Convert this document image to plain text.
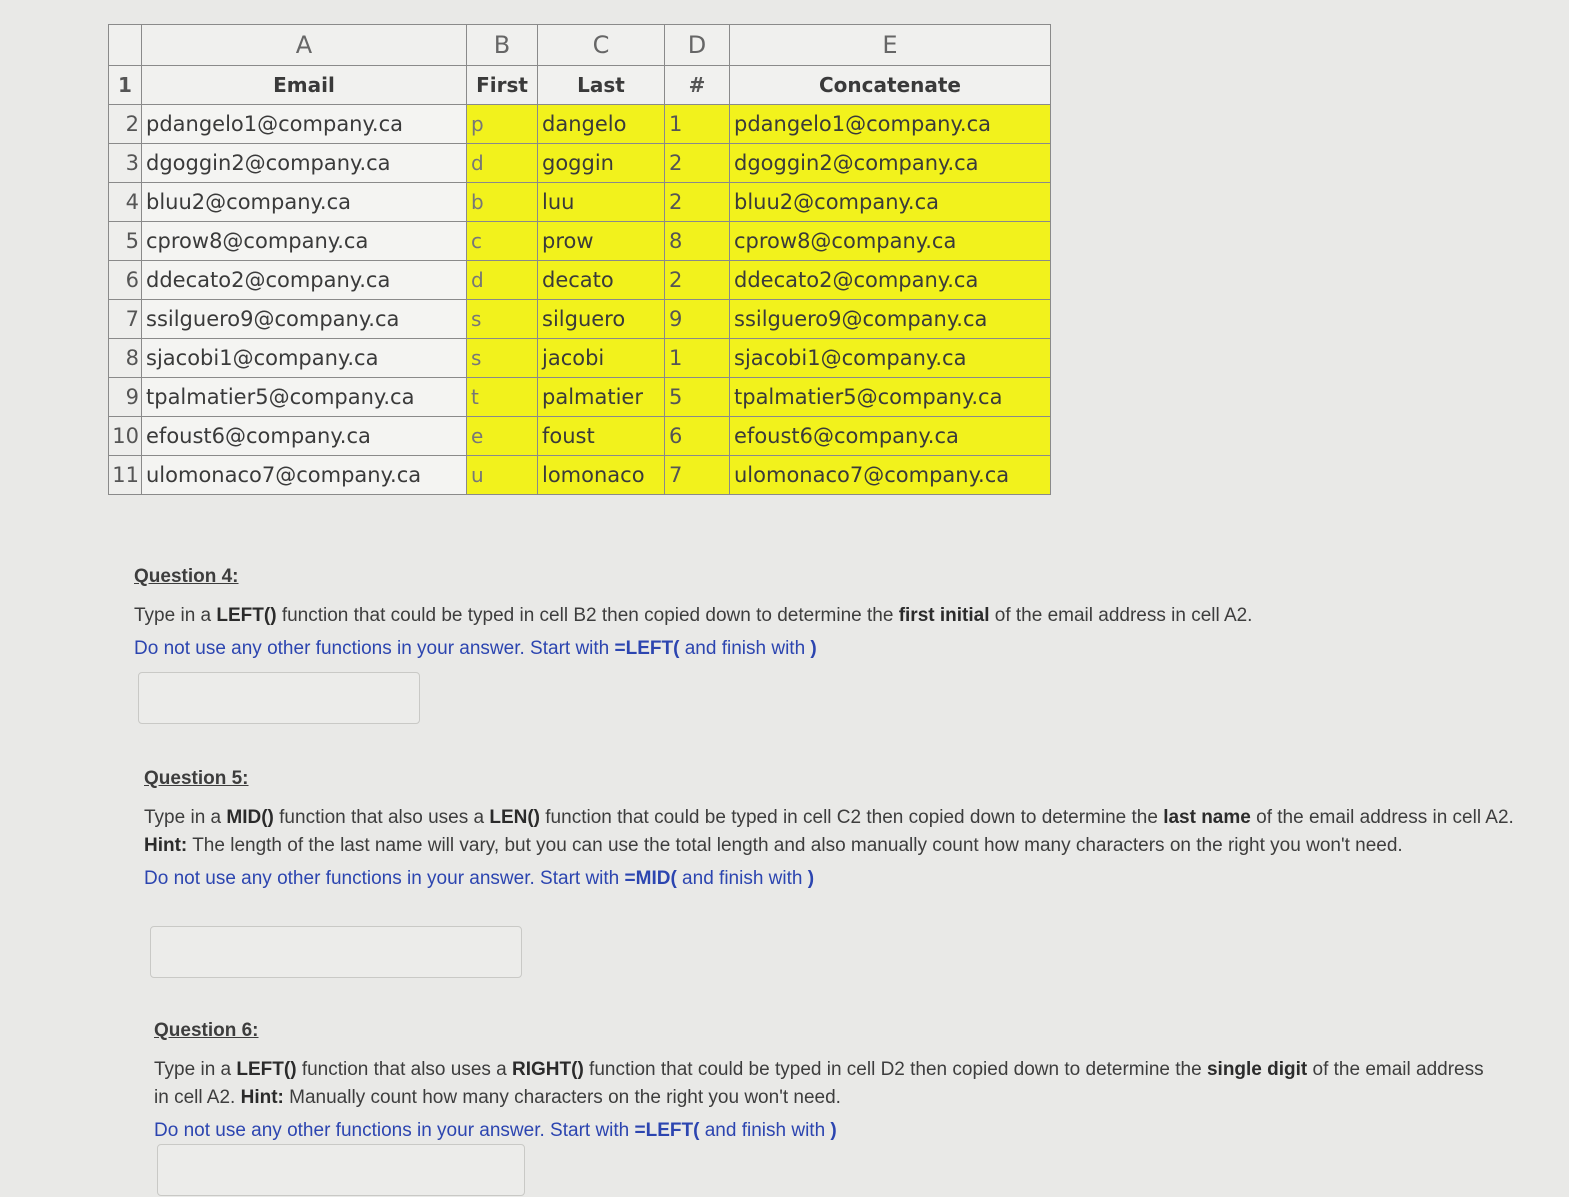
	A	B	C	D	E
1	Email	First	Last	#	Concatenate
2	pdangelo1@company.ca	p	dangelo	1	pdangelo1@company.ca
3	dgoggin2@company.ca	d	goggin	2	dgoggin2@company.ca
4	bluu2@company.ca	b	luu	2	bluu2@company.ca
5	cprow8@company.ca	c	prow	8	cprow8@company.ca
6	ddecato2@company.ca	d	decato	2	ddecato2@company.ca
7	ssilguero9@company.ca	s	silguero	9	ssilguero9@company.ca
8	sjacobi1@company.ca	s	jacobi	1	sjacobi1@company.ca
9	tpalmatier5@company.ca	t	palmatier	5	tpalmatier5@company.ca
10	efoust6@company.ca	e	foust	6	efoust6@company.ca
11	ulomonaco7@company.ca	u	lomonaco	7	ulomonaco7@company.ca
Question 4:
Type in a LEFT() function that could be typed in cell B2 then copied down to determine the first initial of the email address in cell A2.
Do not use any other functions in your answer. Start with =LEFT( and finish with )
Question 5:
Type in a MID() function that also uses a LEN() function that could be typed in cell C2 then copied down to determine the last name of the email address in cell A2. Hint: The length of the last name will vary, but you can use the total length and also manually count how many characters on the right you won't need.
Do not use any other functions in your answer. Start with =MID( and finish with )
Question 6:
Type in a LEFT() function that also uses a RIGHT() function that could be typed in cell D2 then copied down to determine the single digit of the email address in cell A2. Hint: Manually count how many characters on the right you won't need.
Do not use any other functions in your answer. Start with =LEFT( and finish with )
